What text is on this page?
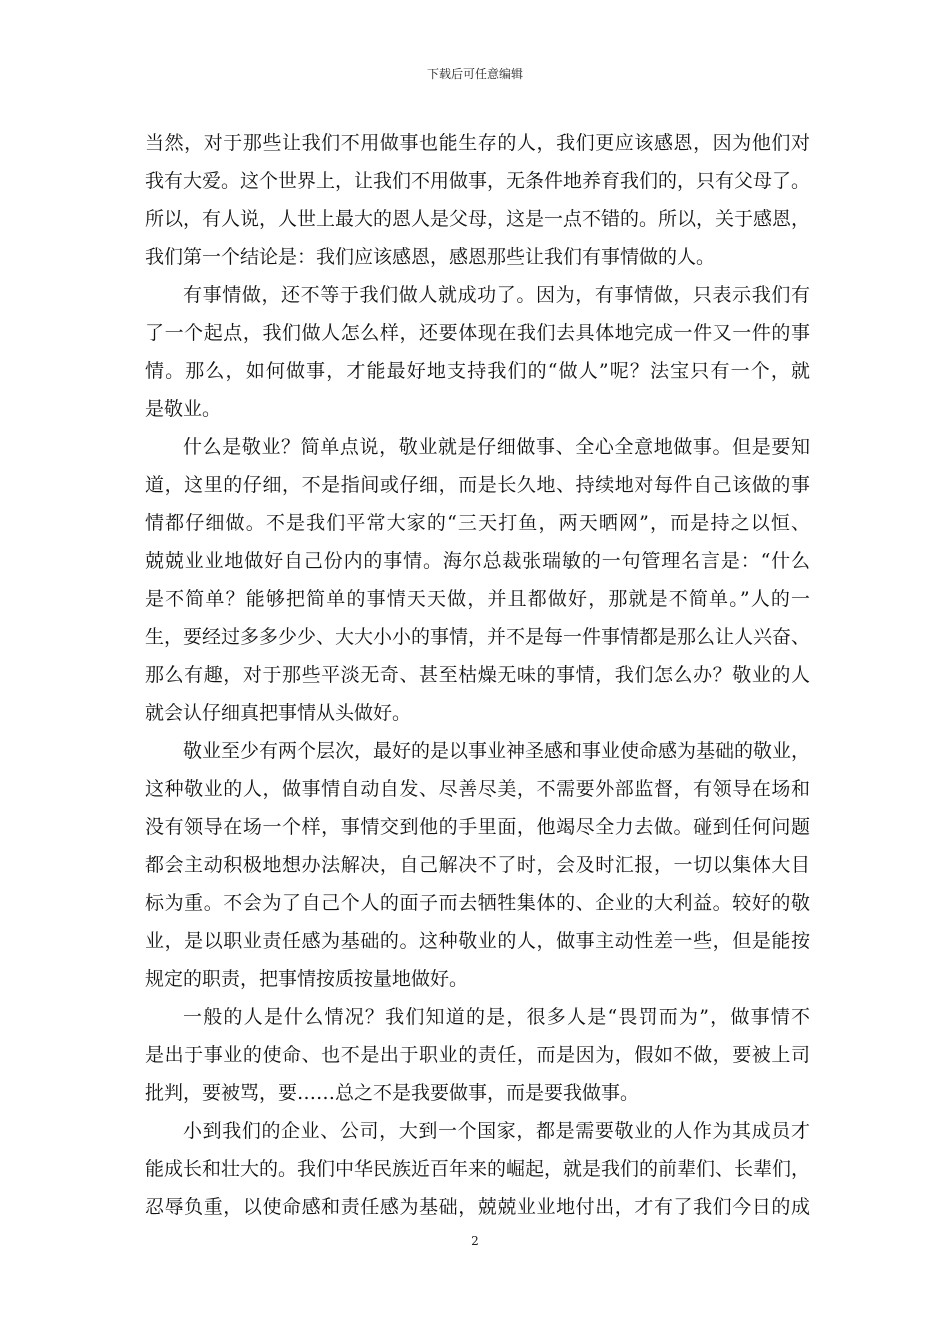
下载后可任意编辑
当然，对于那些让我们不用做事也能生存的人，我们更应该感恩，因为他们对
我有大爱。这个世界上，让我们不用做事，无条件地养育我们的，只有父母了。
所以，有人说，人世上最大的恩人是父母，这是一点不错的。所以，关于感恩，
我们第一个结论是：我们应该感恩，感恩那些让我们有事情做的人。
有事情做，还不等于我们做人就成功了。因为，有事情做，只表示我们有
了一个起点，我们做人怎么样，还要体现在我们去具体地完成一件又一件的事
情。那么，如何做事，才能最好地支持我们的“做人”呢？法宝只有一个，就
是敬业。
什么是敬业？简单点说，敬业就是仔细做事、全心全意地做事。但是要知
道，这里的仔细，不是指间或仔细，而是长久地、持续地对每件自己该做的事
情都仔细做。不是我们平常大家的“三天打鱼，两天晒网”，而是持之以恒、
兢兢业业地做好自己份内的事情。海尔总裁张瑞敏的一句管理名言是：“什么
是不简单？能够把简单的事情天天做，并且都做好，那就是不简单。”人的一
生，要经过多多少少、大大小小的事情，并不是每一件事情都是那么让人兴奋、
那么有趣，对于那些平淡无奇、甚至枯燥无味的事情，我们怎么办？敬业的人
就会认仔细真把事情从头做好。
敬业至少有两个层次，最好的是以事业神圣感和事业使命感为基础的敬业，
这种敬业的人，做事情自动自发、尽善尽美，不需要外部监督，有领导在场和
没有领导在场一个样，事情交到他的手里面，他竭尽全力去做。碰到任何问题
都会主动积极地想办法解决，自己解决不了时，会及时汇报，一切以集体大目
标为重。不会为了自己个人的面子而去牺牲集体的、企业的大利益。较好的敬
业，是以职业责任感为基础的。这种敬业的人，做事主动性差一些，但是能按
规定的职责，把事情按质按量地做好。
一般的人是什么情况？我们知道的是，很多人是“畏罚而为”，做事情不
是出于事业的使命、也不是出于职业的责任，而是因为，假如不做，要被上司
批判，要被骂，要……总之不是我要做事，而是要我做事。
小到我们的企业、公司，大到一个国家，都是需要敬业的人作为其成员才
能成长和壮大的。我们中华民族近百年来的崛起，就是我们的前辈们、长辈们，
忍辱负重，以使命感和责任感为基础，兢兢业业地付出，才有了我们今日的成
2
